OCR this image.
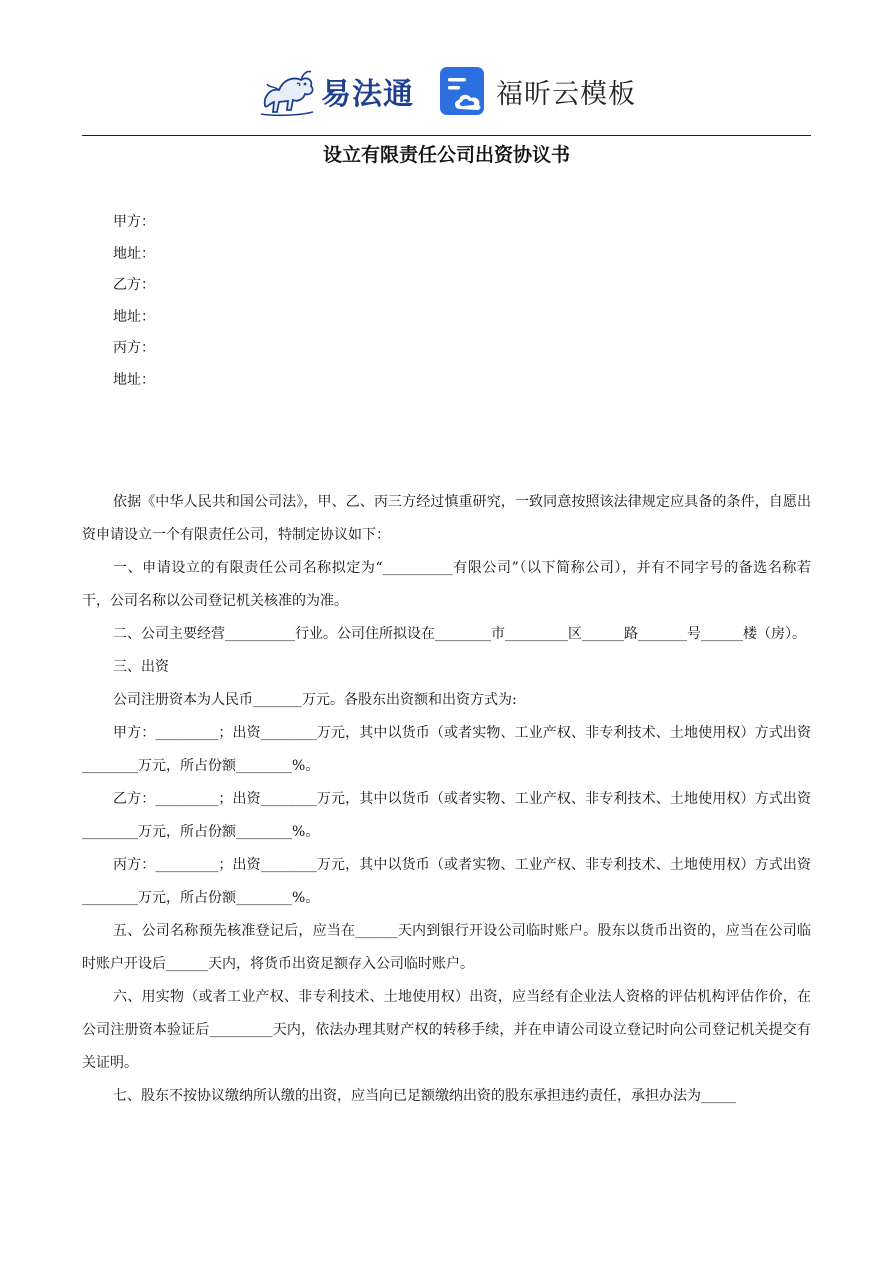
易法通	福昕云模板
设立有限责任公司出资协议书
甲方：
地址：
乙方：
地址：
丙方：
地址：

依据《中华人民共和国公司法》，甲、乙、丙三方经过慎重研究，一致同意按照该法律规定应具备的条件，自愿出资申请设立一个有限责任公司，特制定协议如下：

一、申请设立的有限责任公司名称拟定为“__________有限公司”（以下简称公司），并有不同字号的备选名称若干，公司名称以公司登记机关核准的为准。

二、公司主要经营__________行业。公司住所拟设在________市_________区______路_______号______楼（房）。

三、出资

公司注册资本为人民币_______万元。各股东出资额和出资方式为:

甲方：_________；出资________万元，其中以货币（或者实物、工业产权、非专利技术、土地使用权）方式出资________万元，所占份额________%。

乙方：_________；出资________万元，其中以货币（或者实物、工业产权、非专利技术、土地使用权）方式出资________万元，所占份额________%。

丙方：_________；出资________万元，其中以货币（或者实物、工业产权、非专利技术、土地使用权）方式出资________万元，所占份额________%。

五、公司名称预先核准登记后，应当在______天内到银行开设公司临时账户。股东以货币出资的，应当在公司临时账户开设后______天内，将货币出资足额存入公司临时账户。

六、用实物（或者工业产权、非专利技术、土地使用权）出资，应当经有企业法人资格的评估机构评估作价，在公司注册资本验证后_________天内，依法办理其财产权的转移手续，并在申请公司设立登记时向公司登记机关提交有关证明。

七、股东不按协议缴纳所认缴的出资，应当向已足额缴纳出资的股东承担违约责任，承担办法为_____
